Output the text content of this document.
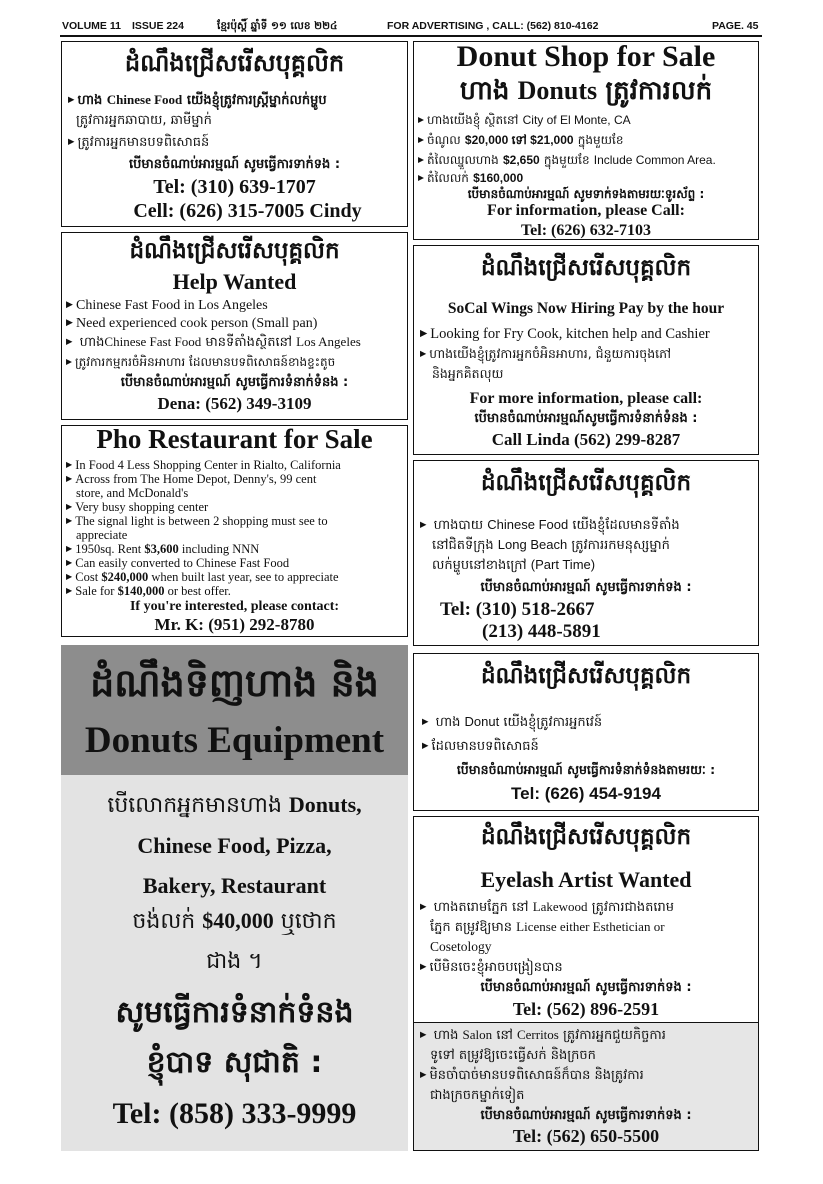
VOLUME 11 ISSUE 224	ខ្មែរប៉ុស្ដិ៍ ឆ្នាំទី ១១ លេខ ២២៤	FOR ADVERTISING , CALL: (562) 810-4162	PAGE. 45
ដំណឹងជ្រើសរើសបុគ្គលិក
▶ ហាង Chinese Food យើងខ្ញុំត្រូវការស្រ្ដីម្នាក់លក់ម្ហូប
ត្រូវការអ្នកឆាបាយ, ឆាមីម្នាក់
▶ ត្រូវការអ្នកមានបទពិសោធន៍
បើមានចំណាប់អារម្មណ៍ សូមធ្វើការទាក់ទង :
Tel: (310) 639-1707
Cell: (626) 315-7005 Cindy
Donut Shop for Sale
ហាង Donuts ត្រូវការលក់
▶ ហាងយើងខ្ញុំ ស្ថិតនៅ City of El Monte, CA
▶ ចំណូល $20,000 ទៅ $21,000 ក្នុងមួយខែ
▶ តំលៃឈ្នួលហាង $2,650 ក្នុងមួយខែ Include Common Area.
▶ តំលៃលក់ $160,000
បើមានចំណាប់អារម្មណ៍ សូមទាក់ទងតាមរយៈទូរស័ព្ទ :
For information, please Call:
Tel: (626) 632-7103
ដំណឹងជ្រើសរើសបុគ្គលិក
Help Wanted
▶ Chinese Fast Food in Los Angeles
▶ Need experienced cook person (Small pan)
▶ ហាងChinese Fast Food មានទីតាំងស្ថិតនៅ Los Angeles
▶ ត្រូវការកម្មករចំអិនអាហារ ដែលមានបទពិសោធន៍ខាងខ្ទះតូច
បើមានចំណាប់អារម្មណ៍ សូមធ្វើការទំនាក់ទំនង :
Dena: (562) 349-3109
ដំណឹងជ្រើសរើសបុគ្គលិក
SoCal Wings Now Hiring Pay by the hour
▶ Looking for Fry Cook, kitchen help and Cashier
▶ ហាងយើងខ្ញុំត្រូវការអ្នកចំអិនអាហារ, ជំនួយការចុងភៅ
និងអ្នកគិតលុយ
For more information, please call:
បើមានចំណាប់អារម្មណ៍សូមធ្វើការទំនាក់ទំនង :
Call Linda (562) 299-8287
Pho Restaurant for Sale
▶ In Food 4 Less Shopping Center in Rialto, California
▶ Across from The Home Depot, Denny's, 99 cent
store, and McDonald's
▶ Very busy shopping center
▶ The signal light is between 2 shopping must see to
appreciate
▶ 1950sq. Rent $3,600 including NNN
▶ Can easily converted to Chinese Fast Food
▶ Cost $240,000 when built last year, see to appreciate
▶ Sale for $140,000 or best offer.
If you're interested, please contact:
Mr. K: (951) 292-8780
ដំណឹងជ្រើសរើសបុគ្គលិក
▶ ហាងបាយ Chinese Food យើងខ្ញុំដែលមានទីតាំង
នៅជិតទីក្រុង Long Beach ត្រូវការរកមនុស្សម្នាក់
លក់ម្ហូបនៅខាងក្រៅ (Part Time)
បើមានចំណាប់អារម្មណ៍ សូមធ្វើការទាក់ទង :
Tel: (310) 518-2667
(213) 448-5891
ដំណឹងទិញហាង និង
Donuts Equipment
បើលោកអ្នកមានហាង Donuts,
Chinese Food, Pizza,
Bakery, Restaurant
ចង់លក់ $40,000 ឬថោក
ជាង ។
សូមធ្វើការទំនាក់ទំនង
ខ្ញុំបាទ សុជាតិ :
Tel: (858) 333-9999
ដំណឹងជ្រើសរើសបុគ្គលិក
▶ ហាង Donut យើងខ្ញុំត្រូវការអ្នកវេន៍
▶ ដែលមានបទពិសោធន៍
បើមានចំណាប់អារម្មណ៍ សូមធ្វើការទំនាក់ទំនងតាមរយៈ :
Tel: (626) 454-9194
ដំណឹងជ្រើសរើសបុគ្គលិក
Eyelash Artist Wanted
▶ ហាងតរោមភ្នែក នៅ Lakewood ត្រូវការជាងតរោម
ភ្នែក តម្រូវឱ្យមាន License either Esthetician or
Cosetology
▶ បើមិនចេះខ្ញុំអាចបង្រៀនបាន
បើមានចំណាប់អារម្មណ៍ សូមធ្វើការទាក់ទង :
Tel: (562) 896-2591
▶ ហាង Salon នៅ Cerritos ត្រូវការអ្នកជួយកិច្ចការ
ទូទៅ តម្រូវឱ្យចេះធ្វើសក់ និងក្រចក
▶ មិនចាំបាច់មានបទពិសោធន៍ក៏បាន និងត្រូវការ
ជាងក្រចកម្នាក់ទៀត
បើមានចំណាប់អារម្មណ៍ សូមធ្វើការទាក់ទង :
Tel: (562) 650-5500
